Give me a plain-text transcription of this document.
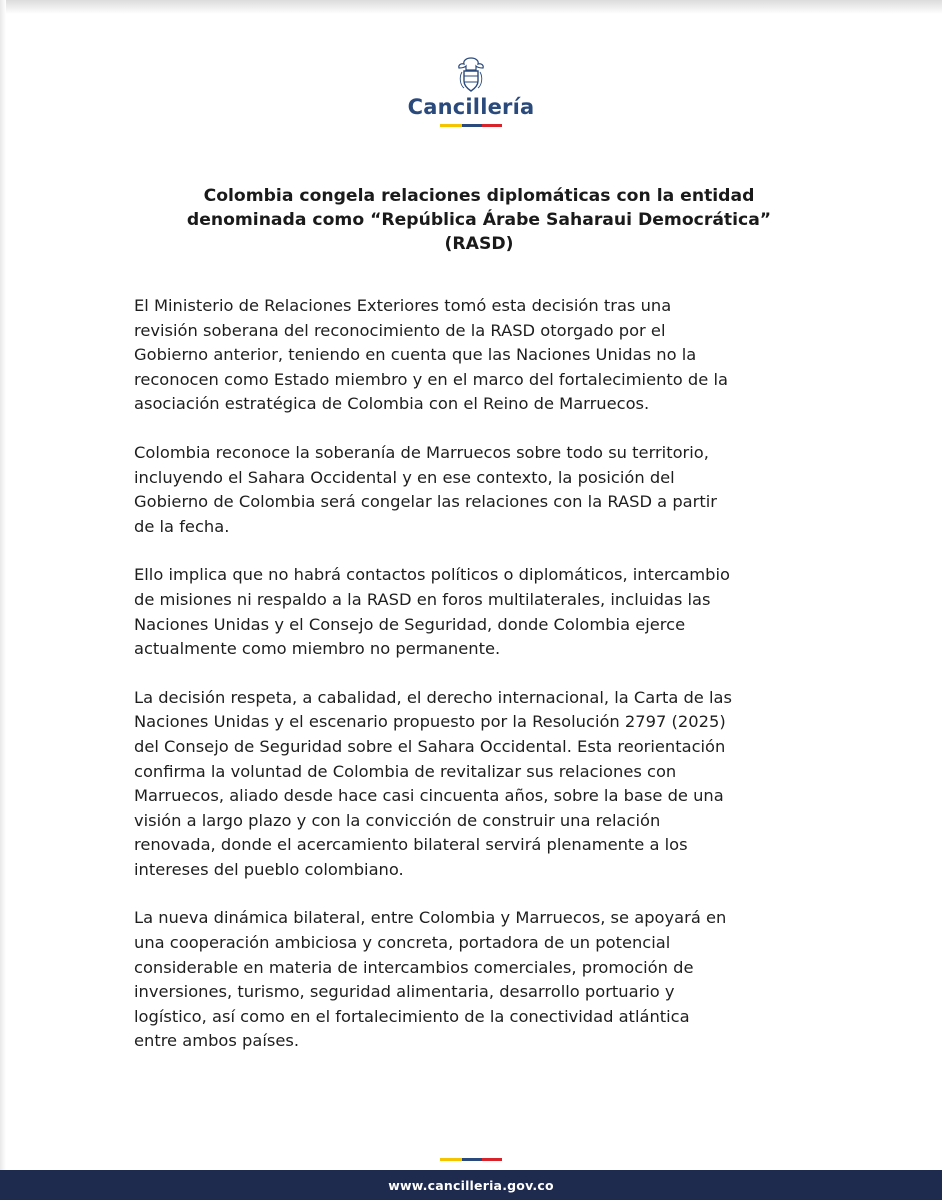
Cancillería
Colombia congela relaciones diplomáticas con la entidad
denominada como “República Árabe Saharaui Democrática”
(RASD)
El Ministerio de Relaciones Exteriores tomó esta decisión tras una
revisión soberana del reconocimiento de la RASD otorgado por el
Gobierno anterior, teniendo en cuenta que las Naciones Unidas no la
reconocen como Estado miembro y en el marco del fortalecimiento de la
asociación estratégica de Colombia con el Reino de Marruecos.
Colombia reconoce la soberanía de Marruecos sobre todo su territorio,
incluyendo el Sahara Occidental y en ese contexto, la posición del
Gobierno de Colombia será congelar las relaciones con la RASD a partir
de la fecha.
Ello implica que no habrá contactos políticos o diplomáticos, intercambio
de misiones ni respaldo a la RASD en foros multilaterales, incluidas las
Naciones Unidas y el Consejo de Seguridad, donde Colombia ejerce
actualmente como miembro no permanente.
La decisión respeta, a cabalidad, el derecho internacional, la Carta de las
Naciones Unidas y el escenario propuesto por la Resolución 2797 (2025)
del Consejo de Seguridad sobre el Sahara Occidental. Esta reorientación
confirma la voluntad de Colombia de revitalizar sus relaciones con
Marruecos, aliado desde hace casi cincuenta años, sobre la base de una
visión a largo plazo y con la convicción de construir una relación
renovada, donde el acercamiento bilateral servirá plenamente a los
intereses del pueblo colombiano.
La nueva dinámica bilateral, entre Colombia y Marruecos, se apoyará en
una cooperación ambiciosa y concreta, portadora de un potencial
considerable en materia de intercambios comerciales, promoción de
inversiones, turismo, seguridad alimentaria, desarrollo portuario y
logístico, así como en el fortalecimiento de la conectividad atlántica
entre ambos países.
www.cancilleria.gov.co
